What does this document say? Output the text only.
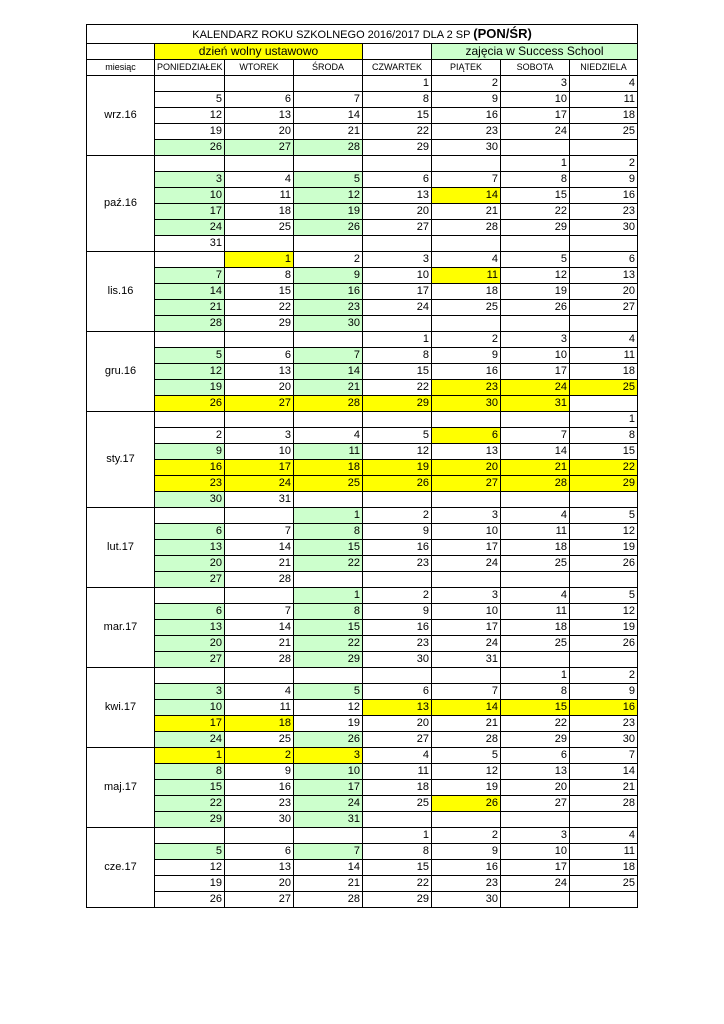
KALENDARZ ROKU SZKOLNEGO 2016/2017 DLA 2 SP (PON/ŚR)							
	dzień wolny ustawowo				zajęcia w Success School		
miesiąc	PONIEDZIAŁEK	WTOREK	ŚRODA	CZWARTEK	PIĄTEK	SOBOTA	NIEDZIELA
wrz.16				1	2	3	4
	5	6	7	8	9	10	11
	12	13	14	15	16	17	18
	19	20	21	22	23	24	25
	26	27	28	29	30		
paź.16						1	2
	3	4	5	6	7	8	9
	10	11	12	13	14	15	16
	17	18	19	20	21	22	23
	24	25	26	27	28	29	30
	31						
lis.16		1	2	3	4	5	6
	7	8	9	10	11	12	13
	14	15	16	17	18	19	20
	21	22	23	24	25	26	27
	28	29	30				
gru.16				1	2	3	4
	5	6	7	8	9	10	11
	12	13	14	15	16	17	18
	19	20	21	22	23	24	25
	26	27	28	29	30	31	
sty.17							1
	2	3	4	5	6	7	8
	9	10	11	12	13	14	15
	16	17	18	19	20	21	22
	23	24	25	26	27	28	29
	30	31					
lut.17			1	2	3	4	5
	6	7	8	9	10	11	12
	13	14	15	16	17	18	19
	20	21	22	23	24	25	26
	27	28					
mar.17			1	2	3	4	5
	6	7	8	9	10	11	12
	13	14	15	16	17	18	19
	20	21	22	23	24	25	26
	27	28	29	30	31		
kwi.17						1	2
	3	4	5	6	7	8	9
	10	11	12	13	14	15	16
	17	18	19	20	21	22	23
	24	25	26	27	28	29	30
maj.17	1	2	3	4	5	6	7
	8	9	10	11	12	13	14
	15	16	17	18	19	20	21
	22	23	24	25	26	27	28
	29	30	31				
cze.17				1	2	3	4
	5	6	7	8	9	10	11
	12	13	14	15	16	17	18
	19	20	21	22	23	24	25
	26	27	28	29	30		
